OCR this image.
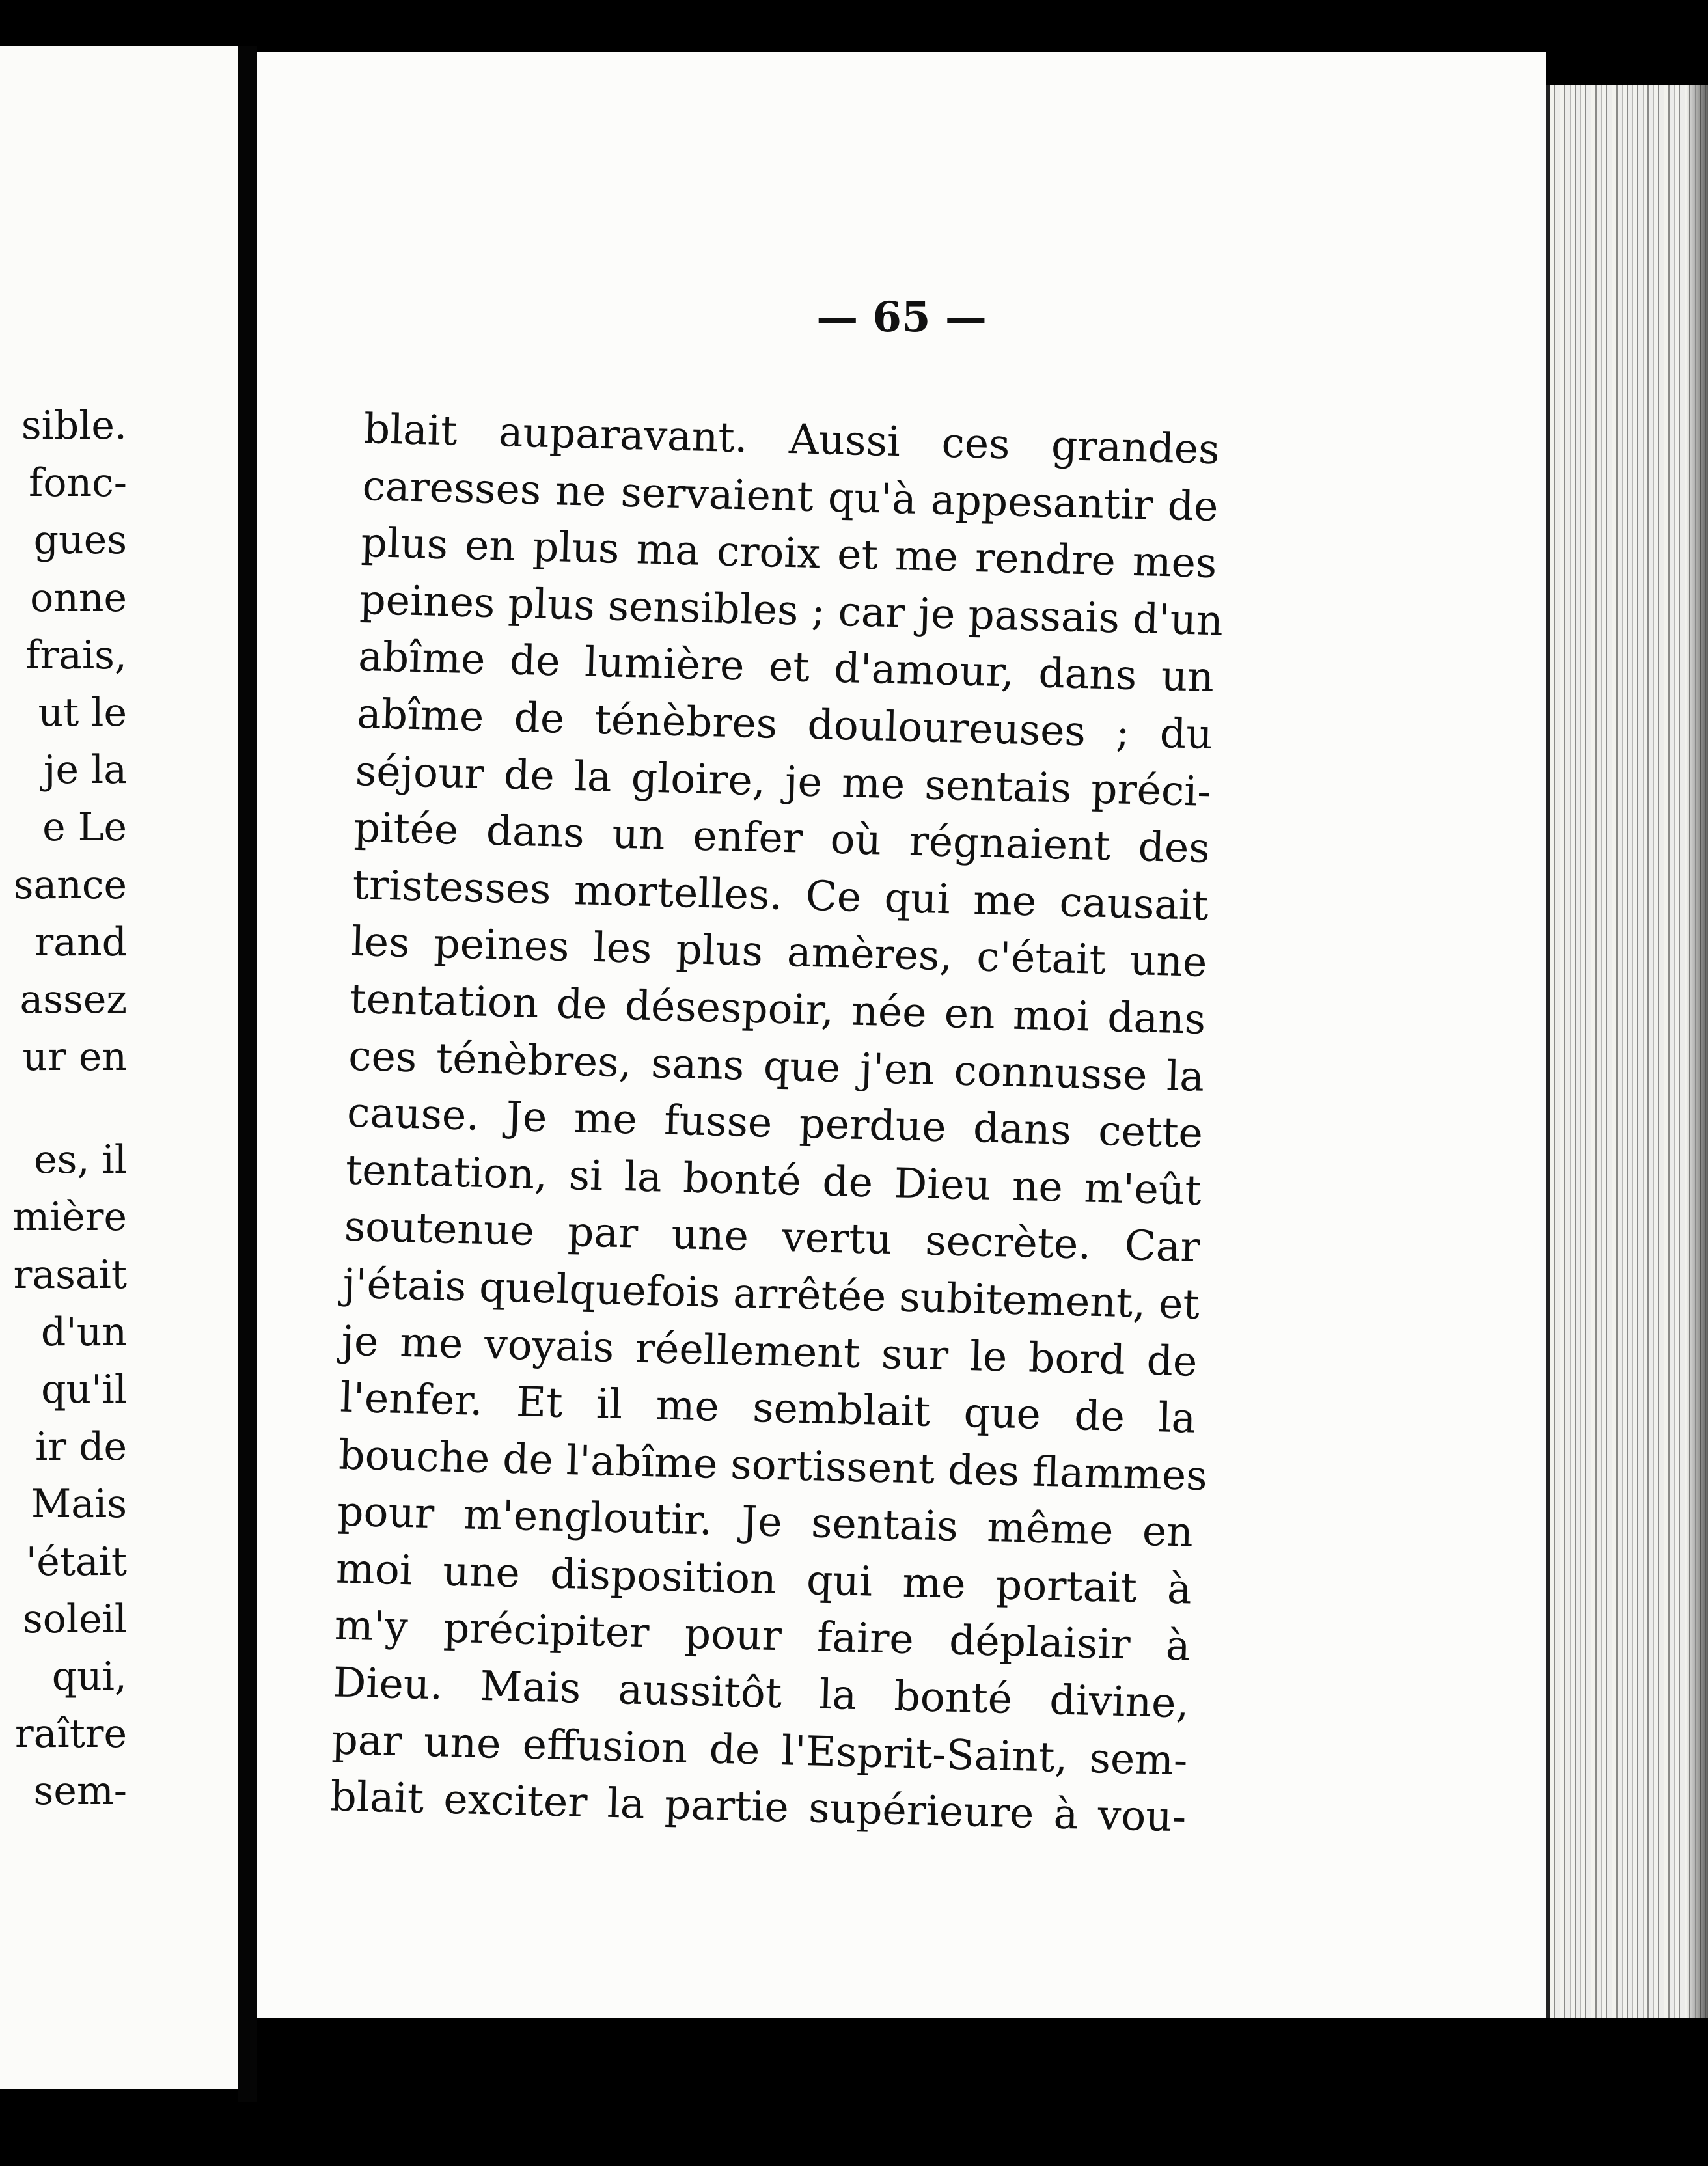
sible.
fonc-
gues
onne
frais,
ut le
je la
e Le
sance
rand
assez
ur en
es, il
mière
rasait
d'un
qu'il
ir de
Mais
'était
soleil
qui,
raître
sem-
— 65 —
blait auparavant. Aussi ces grandes
caresses ne servaient qu'à appesantir de
plus en plus ma croix et me rendre mes
peines plus sensibles ; car je passais d'un
abîme de lumière et d'amour, dans un
abîme de ténèbres douloureuses ; du
séjour de la gloire, je me sentais préci-
pitée dans un enfer où régnaient des
tristesses mortelles. Ce qui me causait
les peines les plus amères, c'était une
tentation de désespoir, née en moi dans
ces ténèbres, sans que j'en connusse la
cause. Je me fusse perdue dans cette
tentation, si la bonté de Dieu ne m'eût
soutenue par une vertu secrète. Car
j'étais quelquefois arrêtée subitement, et
je me voyais réellement sur le bord de
l'enfer. Et il me semblait que de la
bouche de l'abîme sortissent des flammes
pour m'engloutir. Je sentais même en
moi une disposition qui me portait à
m'y précipiter pour faire déplaisir à
Dieu. Mais aussitôt la bonté divine,
par une effusion de l'Esprit-Saint, sem-
blait exciter la partie supérieure à vou-
